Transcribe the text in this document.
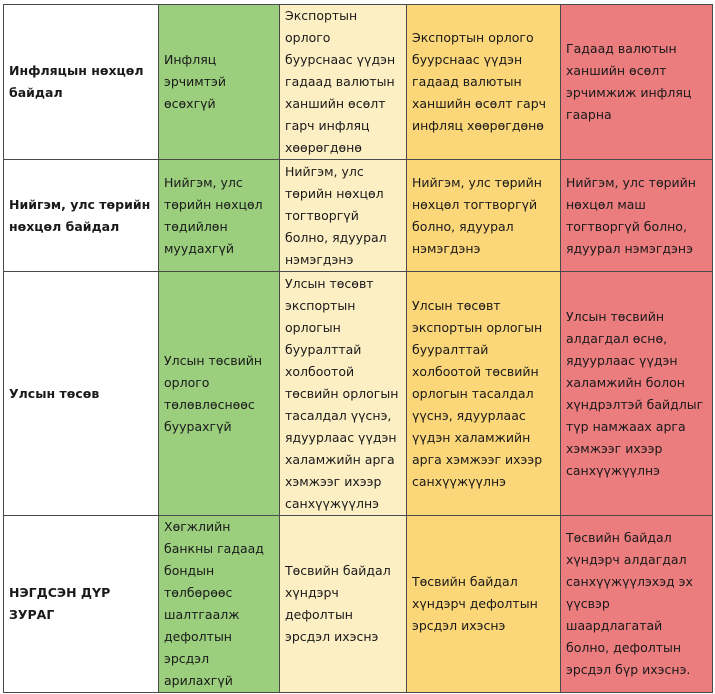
Инфляцын нөхцөл байдал	Инфляц эрчимтэй өсөхгүй	Экспортын орлого буурснаас үүдэн гадаад валютын ханшийн өсөлт гарч инфляц хөөрөгдөнө	Экспортын орлого буурснаас үүдэн гадаад валютын ханшийн өсөлт гарч инфляц хөөрөгдөнө	Гадаад валютын ханшийн өсөлт эрчимжиж инфляц гаарна

Нийгэм, улс төрийн нөхцөл байдал	Нийгэм, улс төрийн нөхцөл төдийлөн муудахгүй	Нийгэм, улс төрийн нөхцөл тогтворгүй болно, ядуурал нэмэгдэнэ	Нийгэм, улс төрийн нөхцөл тогтворгүй болно, ядуурал нэмэгдэнэ	Нийгэм, улс төрийн нөхцөл маш тогтворгүй болно, ядуурал нэмэгдэнэ

Улсын төсөв	Улсын төсвийн орлого төлөвлөснөөс буурахгүй	Улсын төсөвт экспортын орлогын бууралттай холбоотой төсвийн орлогын тасалдал үүснэ, ядуурлаас үүдэн халамжийн арга хэмжээг ихээр санхүүжүүлнэ	Улсын төсөвт экспортын орлогын бууралттай холбоотой төсвийн орлогын тасалдал үүснэ, ядуурлаас үүдэн халамжийн арга хэмжээг ихээр санхүүжүүлнэ	Улсын төсвийн алдагдал өснө, ядуурлаас үүдэн халамжийн болон хүндрэлтэй байдлыг түр намжаах арга хэмжээг ихээр санхүүжүүлнэ

НЭГДСЭН ДҮР ЗУРАГ	Хөгжлийн банкны гадаад бондын төлбөрөөс шалтгаалж дефолтын эрсдэл арилахгүй	Төсвийн байдал хүндэрч дефолтын эрсдэл ихэснэ	Төсвийн байдал хүндэрч дефолтын эрсдэл ихэснэ	Төсвийн байдал хүндэрч алдагдал санхүүжүүлэхэд эх үүсвэр шаардлагатай болно, дефолтын эрсдэл бүр ихэснэ.
